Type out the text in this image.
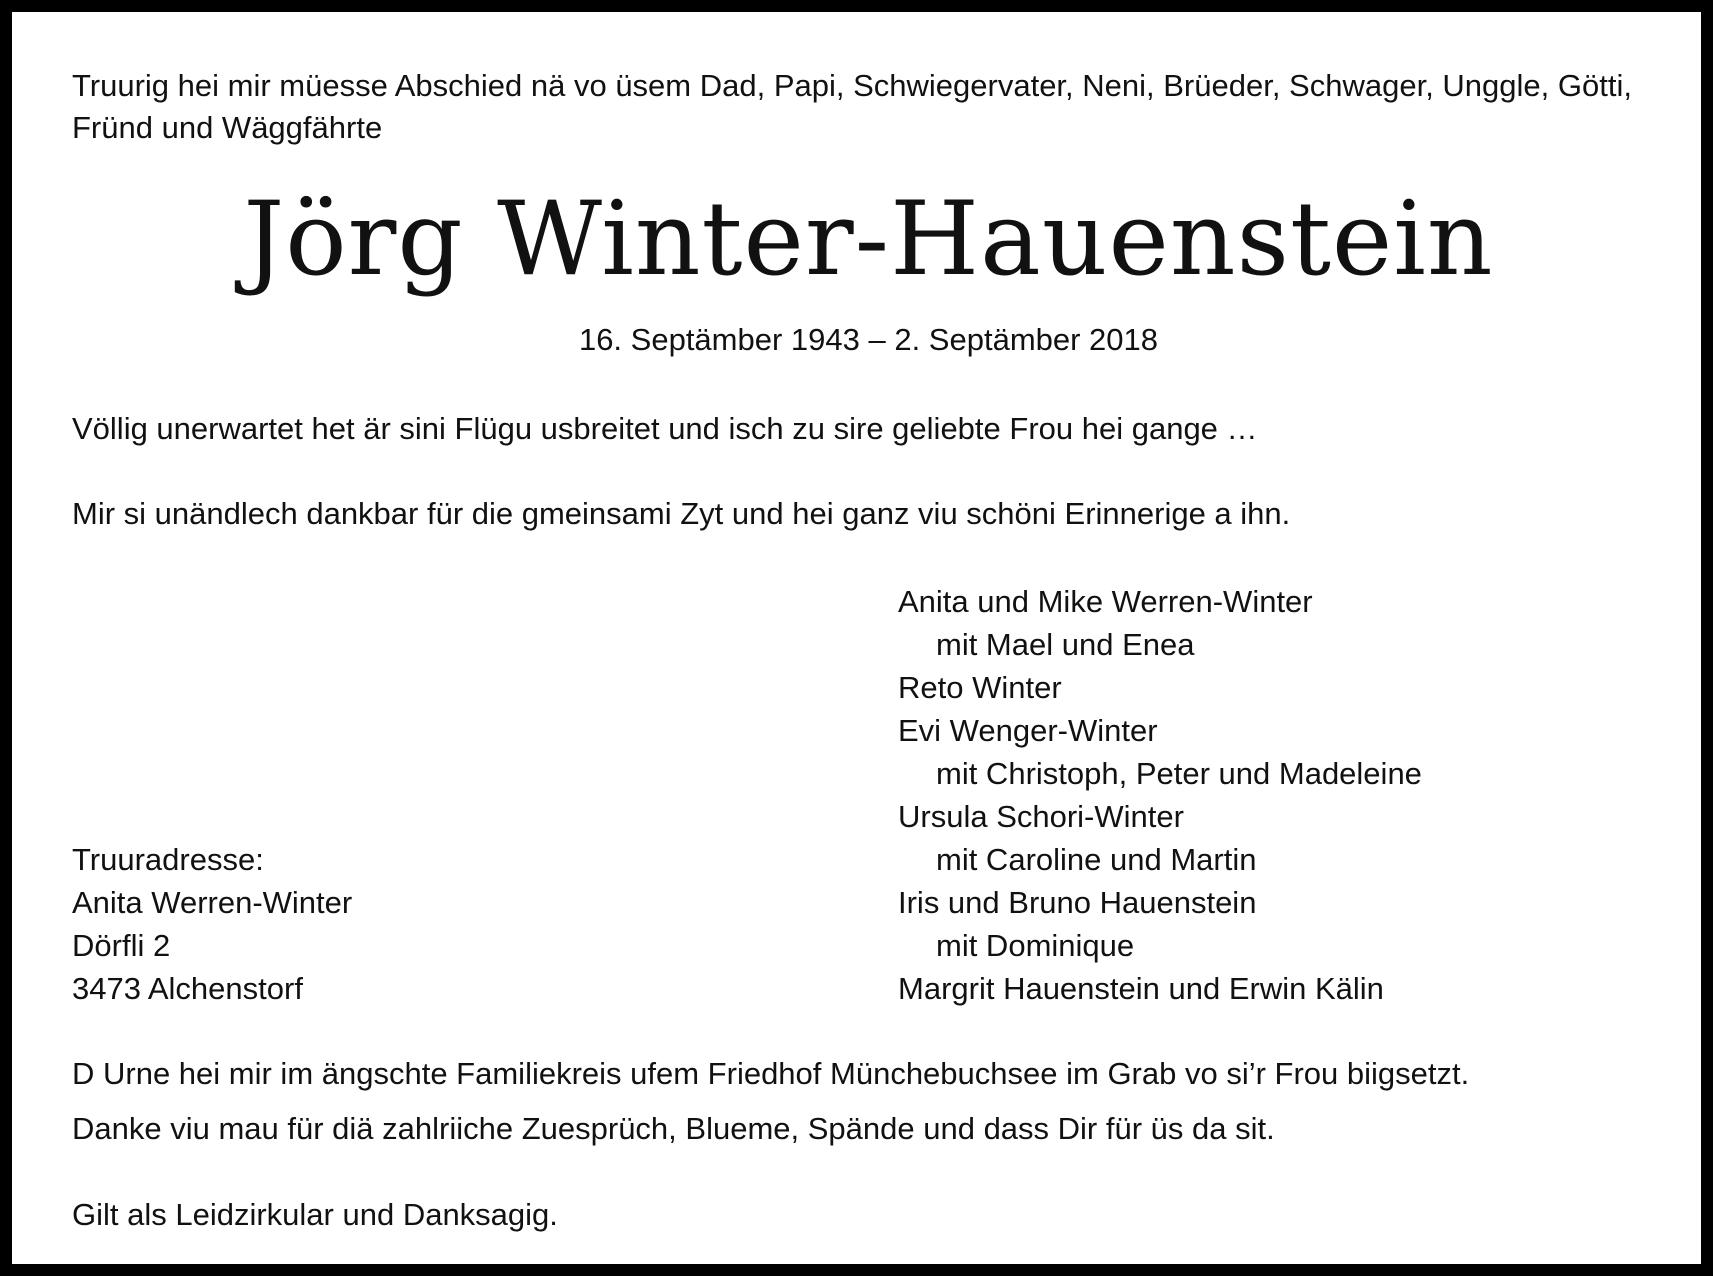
Truurig hei mir müesse Abschied nä vo üsem Dad, Papi, Schwiegervater, Neni, Brüeder, Schwager, Unggle, Götti, Fründ und Wäggfährte

Jörg Winter-Hauenstein

16. Septämber 1943 – 2. Septämber 2018

Völlig unerwartet het är sini Flügu usbreitet und isch zu sire geliebte Frou hei gange …

Mir si unändlech dankbar für die gmeinsami Zyt und hei ganz viu schöni Erinnerige a ihn.

Truuradresse:
Anita Werren-Winter
Dörfli 2
3473 Alchenstorf
Anita und Mike Werren-Winter
mit Mael und Enea
Reto Winter
Evi Wenger-Winter
mit Christoph, Peter und Madeleine
Ursula Schori-Winter
mit Caroline und Martin
Iris und Bruno Hauenstein
mit Dominique
Margrit Hauenstein und Erwin Kälin

D Urne hei mir im ängschte Familiekreis ufem Friedhof Münchebuchsee im Grab vo si’r Frou biigsetzt.

Danke viu mau für diä zahlriiche Zuesprüch, Blueme, Spände und dass Dir für üs da sit.

Gilt als Leidzirkular und Danksagig.
